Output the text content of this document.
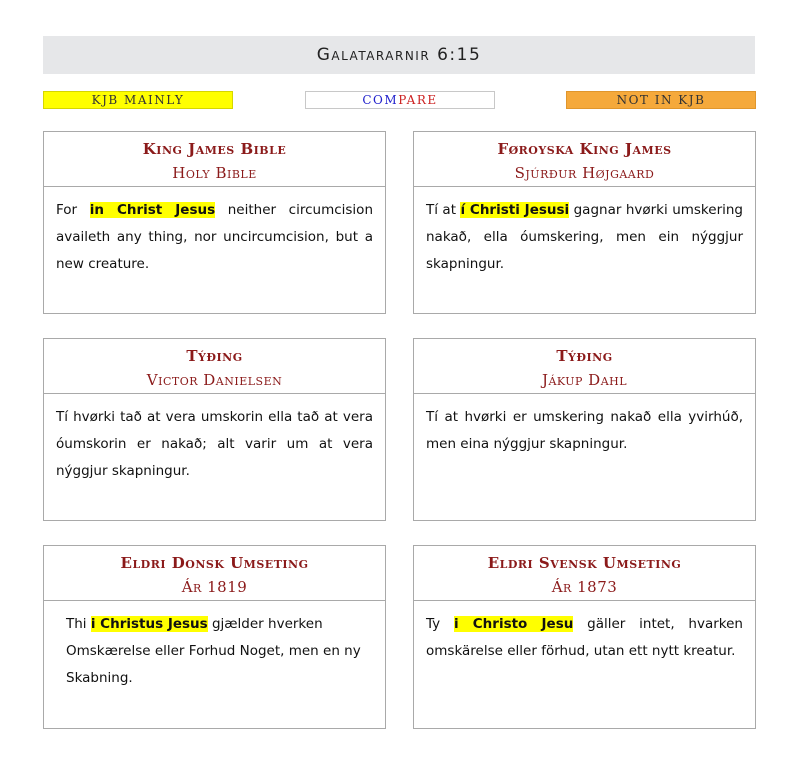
Galatararnir
6:15
KJB MAINLY	COM PARE	NOT IN KJB
King James Bible
Holy Bible
For in Christ Jesus neither circumcision availeth any thing, nor uncircumcision, but a new creature.
Føroyska King James
Sjúrður Højgaard
Tí at í Christi Jesusi gagnar hvørki umskering nakað, ella óumskering, men ein nýggjur skapningur.
Týðing
Victor Danielsen
Tí hvørki tað at vera umskorin ella tað at vera óumskorin er nakað; alt varir um at vera nýggjur skapningur.
Týðing
Jákup Dahl
Tí at hvørki er umskering nakað ella yvirhúð, men eina nýggjur skapningur.
Eldri Donsk Umseting
Ár 1819
Thi i Christus Jesus gjælder hverken Omskærelse eller Forhud Noget, men en ny Skabning.
Eldri Svensk Umseting
Ár 1873
Ty i Christo Jesu gäller intet, hvarken omskärelse eller förhud, utan ett nytt kreatur.
